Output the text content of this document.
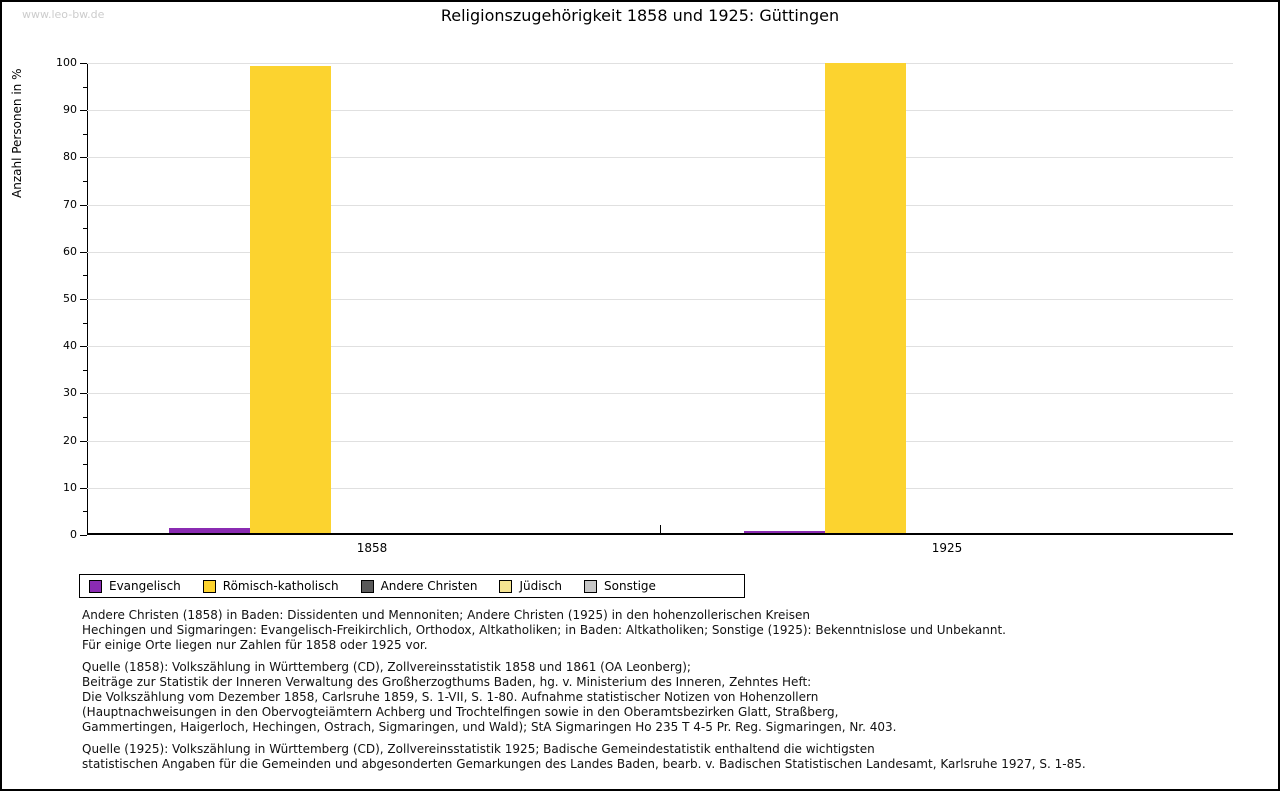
www.leo-bw.de	Religionszugehörigkeit 1858 und 1925: Güttingen
0
10
20
30
40
50
60
70
80
90
100
1858	1925
Anzahl Personen in %
Evangelisch	Römisch-katholisch	Andere Christen	Jüdisch	Sonstige
Andere Christen (1858) in Baden: Dissidenten und Mennoniten; Andere Christen (1925) in den hohenzollerischen Kreisen
Hechingen und Sigmaringen: Evangelisch-Freikirchlich, Orthodox, Altkatholiken; in Baden: Altkatholiken; Sonstige (1925): Bekenntnislose und Unbekannt.
Für einige Orte liegen nur Zahlen für 1858 oder 1925 vor.
Quelle (1858): Volkszählung in Württemberg (CD), Zollvereinsstatistik 1858 und 1861 (OA Leonberg);
Beiträge zur Statistik der Inneren Verwaltung des Großherzogthums Baden, hg. v. Ministerium des Inneren, Zehntes Heft:
Die Volkszählung vom Dezember 1858, Carlsruhe 1859, S. 1-VII, S. 1-80. Aufnahme statistischer Notizen von Hohenzollern
(Hauptnachweisungen in den Obervogteiämtern Achberg und Trochtelfingen sowie in den Oberamtsbezirken Glatt, Straßberg,
Gammertingen, Haigerloch, Hechingen, Ostrach, Sigmaringen, und Wald); StA Sigmaringen Ho 235 T 4-5 Pr. Reg. Sigmaringen, Nr. 403.
Quelle (1925): Volkszählung in Württemberg (CD), Zollvereinsstatistik 1925; Badische Gemeindestatistik enthaltend die wichtigsten
statistischen Angaben für die Gemeinden und abgesonderten Gemarkungen des Landes Baden, bearb. v. Badischen Statistischen Landesamt, Karlsruhe 1927, S. 1-85.
